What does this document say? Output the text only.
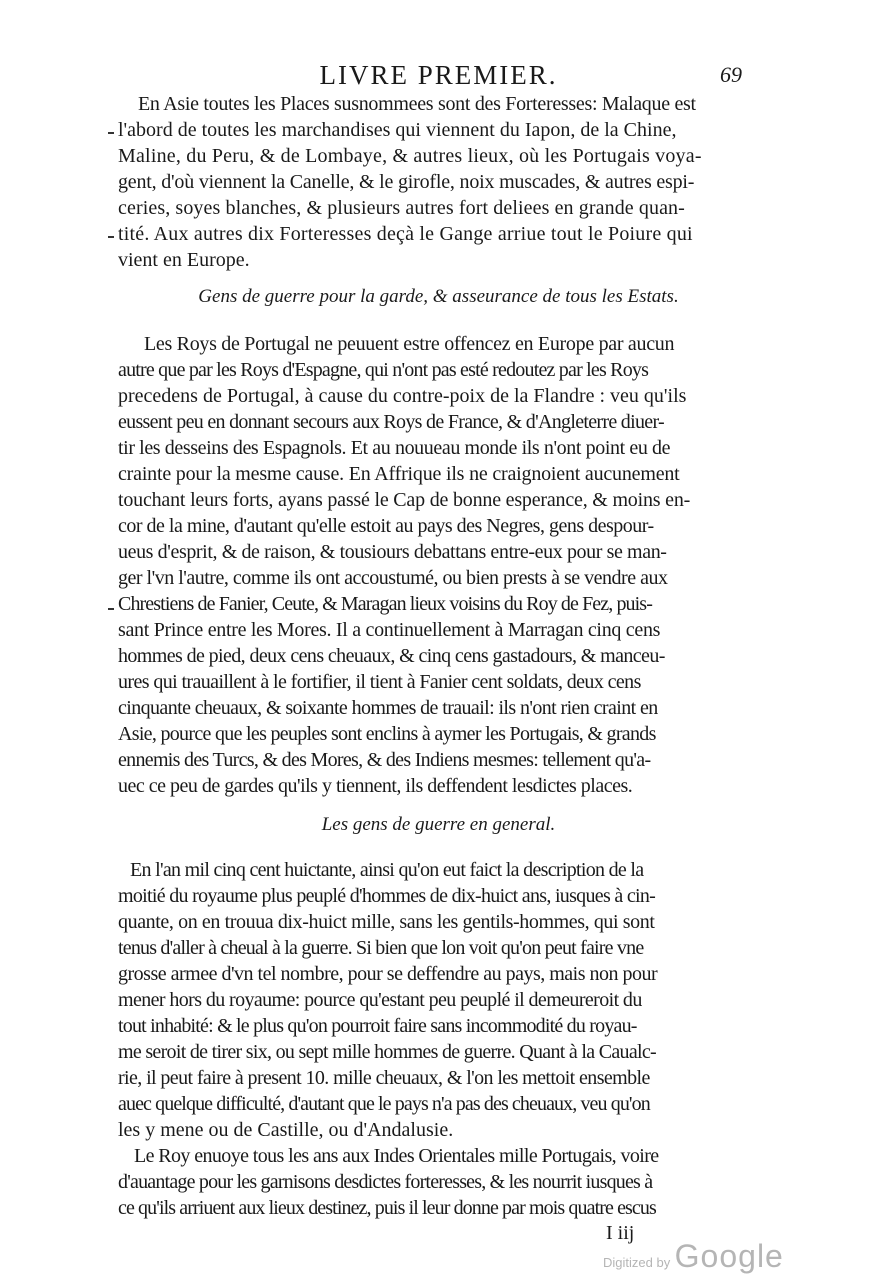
LIVRE PREMIER.	69
En Asie toutes les Places susnommees sont des Forteresses: Malaque est
l'abord de toutes les marchandises qui viennent du Iapon, de la Chine,
Maline, du Peru, & de Lombaye, & autres lieux, où les Portugais voya-
gent, d'où viennent la Canelle, & le girofle, noix muscades, & autres espi-
ceries, soyes blanches, & plusieurs autres fort deliees en grande quan-
tité. Aux autres dix Forteresses deçà le Gange arriue tout le Poiure qui
vient en Europe.
Gens de guerre pour la garde, & asseurance de tous les Estats.
Les Roys de Portugal ne peuuent estre offencez en Europe par aucun
autre que par les Roys d'Espagne, qui n'ont pas esté redoutez par les Roys
precedens de Portugal, à cause du contre-poix de la Flandre : veu qu'ils
eussent peu en donnant secours aux Roys de France, & d'Angleterre diuer-
tir les desseins des Espagnols. Et au nouueau monde ils n'ont point eu de
crainte pour la mesme cause. En Affrique ils ne craignoient aucunement
touchant leurs forts, ayans passé le Cap de bonne esperance, & moins en-
cor de la mine, d'autant qu'elle estoit au pays des Negres, gens despour-
ueus d'esprit, & de raison, & tousiours debattans entre-eux pour se man-
ger l'vn l'autre, comme ils ont accoustumé, ou bien prests à se vendre aux
Chrestiens de Fanier, Ceute, & Maragan lieux voisins du Roy de Fez, puis-
sant Prince entre les Mores. Il a continuellement à Marragan cinq cens
hommes de pied, deux cens cheuaux, & cinq cens gastadours, & manceu-
ures qui trauaillent à le fortifier, il tient à Fanier cent soldats, deux cens
cinquante cheuaux, & soixante hommes de trauail: ils n'ont rien craint en
Asie, pource que les peuples sont enclins à aymer les Portugais, & grands
ennemis des Turcs, & des Mores, & des Indiens mesmes: tellement qu'a-
uec ce peu de gardes qu'ils y tiennent, ils deffendent lesdictes places.
Les gens de guerre en general.
En l'an mil cinq cent huictante, ainsi qu'on eut faict la description de la
moitié du royaume plus peuplé d'hommes de dix-huict ans, iusques à cin-
quante, on en trouua dix-huict mille, sans les gentils-hommes, qui sont
tenus d'aller à cheual à la guerre. Si bien que lon voit qu'on peut faire vne
grosse armee d'vn tel nombre, pour se deffendre au pays, mais non pour
mener hors du royaume: pource qu'estant peu peuplé il demeureroit du
tout inhabité: & le plus qu'on pourroit faire sans incommodité du royau-
me seroit de tirer six, ou sept mille hommes de guerre. Quant à la Caualc-
rie, il peut faire à present 10. mille cheuaux, & l'on les mettoit ensemble
auec quelque difficulté, d'autant que le pays n'a pas des cheuaux, veu qu'on
les y mene ou de Castille, ou d'Andalusie.
Le Roy enuoye tous les ans aux Indes Orientales mille Portugais, voire
d'auantage pour les garnisons desdictes forteresses, & les nourrit iusques à
ce qu'ils arriuent aux lieux destinez, puis il leur donne par mois quatre escus
I iij
Digitized by Google
